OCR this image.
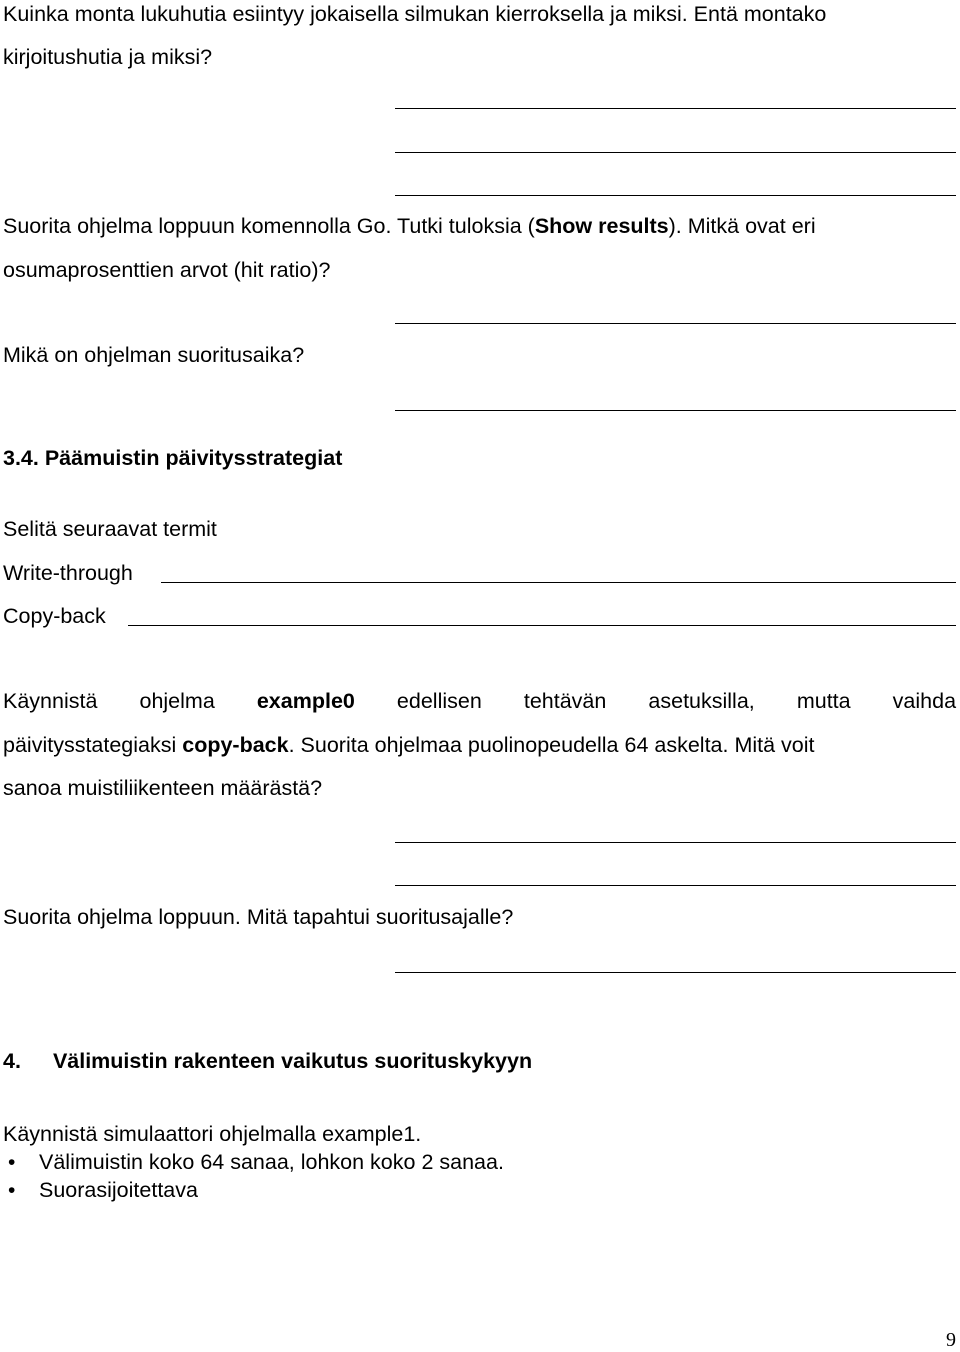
Kuinka monta lukuhutia esiintyy jokaisella silmukan kierroksella ja miksi. Entä montako

kirjoitushutia ja miksi?

Suorita ohjelma loppuun komennolla Go. Tutki tuloksia (Show results). Mitkä ovat eri

osumaprosenttien arvot (hit ratio)?

Mikä on ohjelman suoritusaika?

3.4. Päämuistin päivitysstrategiat

Selitä seuraavat termit

Write-through

Copy-back

Käynnistä ohjelma example0 edellisen tehtävän asetuksilla, mutta vaihda

päivitysstategiaksi copy-back. Suorita ohjelmaa puolinopeudella 64 askelta. Mitä voit

sanoa muistiliikenteen määrästä?

Suorita ohjelma loppuun. Mitä tapahtui suoritusajalle?

4. Välimuistin rakenteen vaikutus suorituskykyyn

Käynnistä simulaattori ohjelmalla example1.

• Välimuistin koko 64 sanaa, lohkon koko 2 sanaa.

• Suorasijoitettava

9
